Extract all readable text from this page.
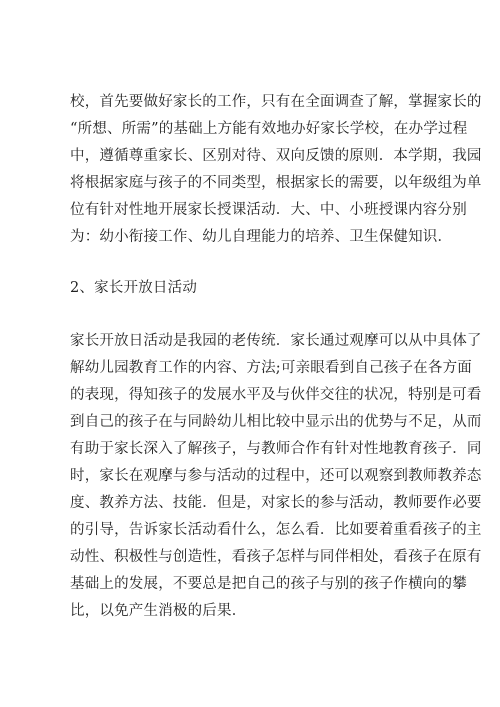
校，首先要做好家长的工作，只有在全面调查了解，掌握家长的
“所想、所需”的基础上方能有效地办好家长学校，在办学过程
中，遵循尊重家长、区别对待、双向反馈的原则．本学期，我园
将根据家庭与孩子的不同类型，根据家长的需要，以年级组为单
位有针对性地开展家长授课活动．大、中、小班授课内容分别
为：幼小衔接工作、幼儿自理能力的培养、卫生保健知识．
2、家长开放日活动
家长开放日活动是我园的老传统．家长通过观摩可以从中具体了
解幼儿园教育工作的内容、方法;可亲眼看到自己孩子在各方面
的表现，得知孩子的发展水平及与伙伴交往的状况，特别是可看
到自己的孩子在与同龄幼儿相比较中显示出的优势与不足，从而
有助于家长深入了解孩子，与教师合作有针对性地教育孩子．同
时，家长在观摩与参与活动的过程中，还可以观察到教师教养态
度、教养方法、技能．但是，对家长的参与活动，教师要作必要
的引导，告诉家长活动看什么，怎么看．比如要着重看孩子的主
动性、积极性与创造性，看孩子怎样与同伴相处，看孩子在原有
基础上的发展，不要总是把自己的孩子与别的孩子作横向的攀
比，以免产生消极的后果．
